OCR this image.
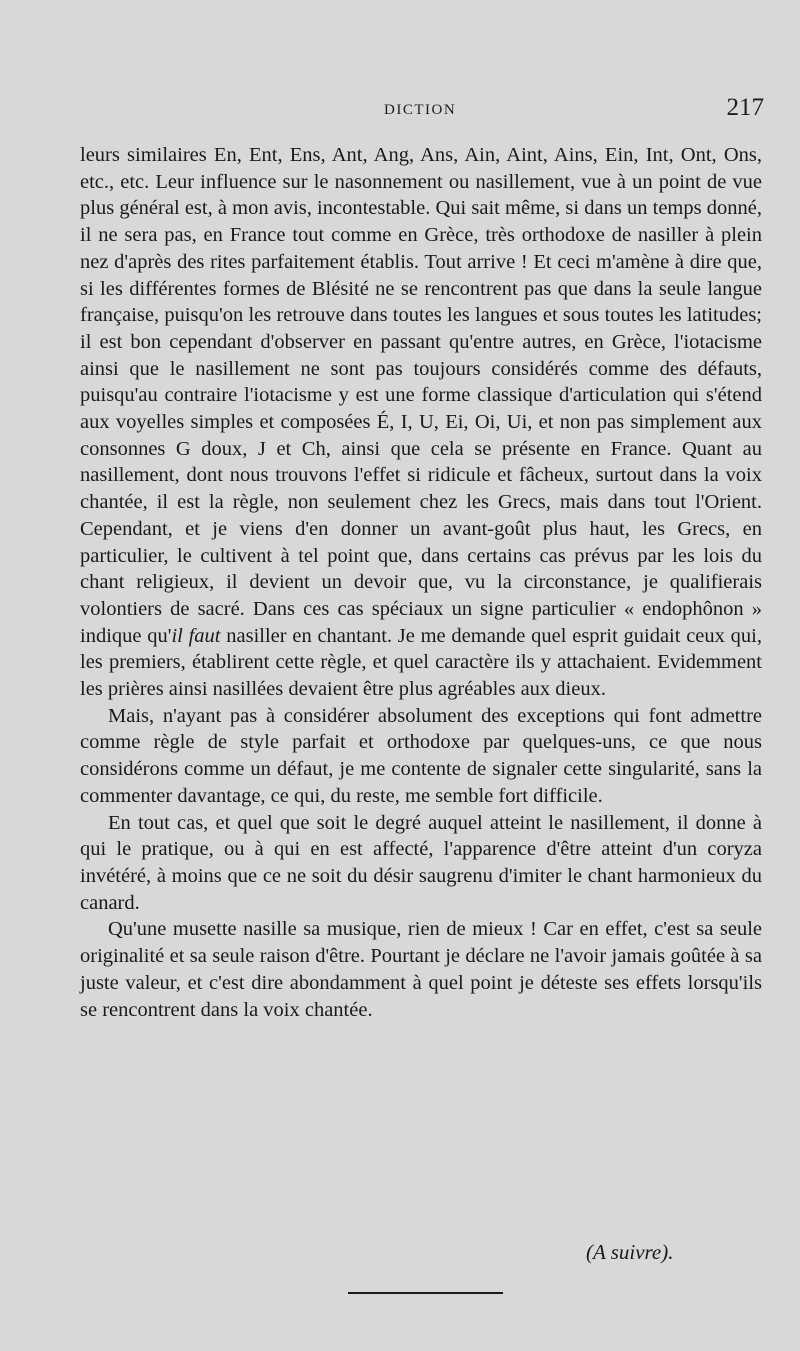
DICTION	217

leurs similaires En, Ent, Ens, Ant, Ang, Ans, Ain, Aint, Ains, Ein, Int, Ont, Ons, etc., etc. Leur influence sur le nasonnement ou nasillement, vue à un point de vue plus général est, à mon avis, incontestable. Qui sait même, si dans un temps donné, il ne sera pas, en France tout comme en Grèce, très orthodoxe de nasiller à plein nez d'après des rites parfaitement établis. Tout arrive ! Et ceci m'amène à dire que, si les différentes formes de Blésité ne se rencontrent pas que dans la seule langue française, puisqu'on les retrouve dans toutes les langues et sous toutes les latitudes; il est bon cependant d'observer en passant qu'entre autres, en Grèce, l'iotacisme ainsi que le nasillement ne sont pas toujours considérés comme des défauts, puisqu'au contraire l'iotacisme y est une forme classique d'articulation qui s'étend aux voyelles simples et composées É, I, U, Ei, Oi, Ui, et non pas simplement aux consonnes G doux, J et Ch, ainsi que cela se présente en France. Quant au nasillement, dont nous trouvons l'effet si ridicule et fâcheux, surtout dans la voix chantée, il est la règle, non seulement chez les Grecs, mais dans tout l'Orient. Cependant, et je viens d'en donner un avant-goût plus haut, les Grecs, en particulier, le cultivent à tel point que, dans certains cas prévus par les lois du chant religieux, il devient un devoir que, vu la circonstance, je qualifierais volontiers de sacré. Dans ces cas spéciaux un signe particulier « endophônon » indique qu'il faut nasiller en chantant. Je me demande quel esprit guidait ceux qui, les premiers, établirent cette règle, et quel caractère ils y attachaient. Evidemment les prières ainsi nasillées devaient être plus agréables aux dieux.

Mais, n'ayant pas à considérer absolument des exceptions qui font admettre comme règle de style parfait et orthodoxe par quelques-uns, ce que nous considérons comme un défaut, je me contente de signaler cette singularité, sans la commenter davantage, ce qui, du reste, me semble fort difficile.

En tout cas, et quel que soit le degré auquel atteint le nasillement, il donne à qui le pratique, ou à qui en est affecté, l'apparence d'être atteint d'un coryza invétéré, à moins que ce ne soit du désir saugrenu d'imiter le chant harmonieux du canard.

Qu'une musette nasille sa musique, rien de mieux ! Car en effet, c'est sa seule originalité et sa seule raison d'être. Pourtant je déclare ne l'avoir jamais goûtée à sa juste valeur, et c'est dire abondamment à quel point je déteste ses effets lorsqu'ils se rencontrent dans la voix chantée.

(A suivre).
